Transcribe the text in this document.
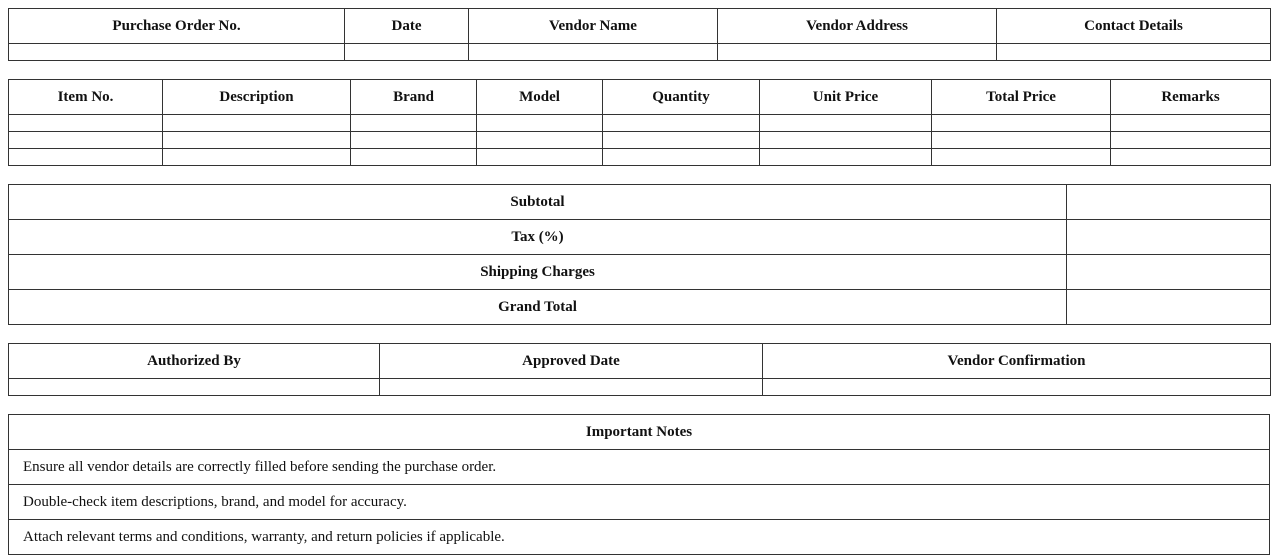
Purchase Order No.	Date	Vendor Name	Vendor Address	Contact Details

Item No.	Description	Brand	Model	Quantity	Unit Price	Total Price	Remarks

Subtotal	
Tax (%)	
Shipping Charges	
Grand Total	
Authorized By	Approved Date	Vendor Confirmation

Important Notes
Ensure all vendor details are correctly filled before sending the purchase order.
Double-check item descriptions, brand, and model for accuracy.
Attach relevant terms and conditions, warranty, and return policies if applicable.
